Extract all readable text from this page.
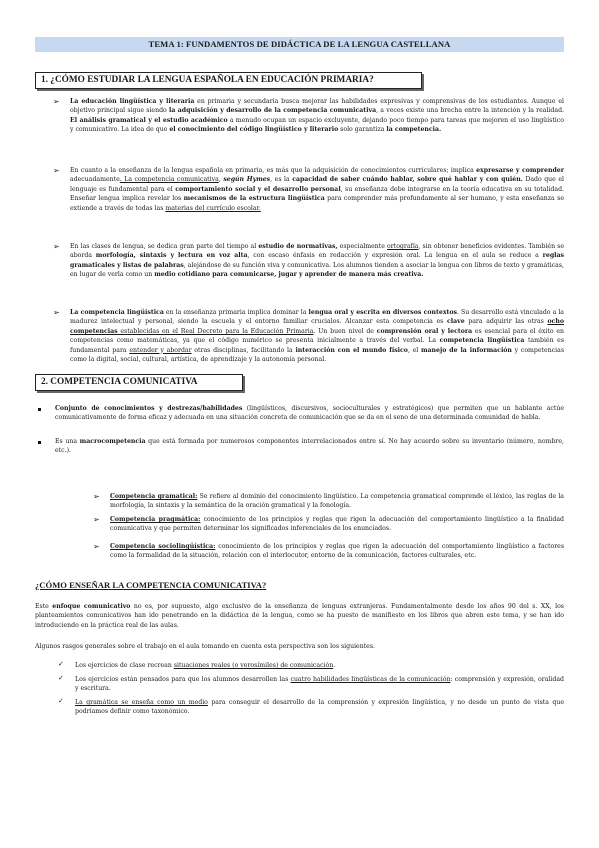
TEMA 1: FUNDAMENTOS DE DIDÁCTICA DE LA LENGUA CASTELLANA
1. ¿CÓMO ESTUDIAR LA LENGUA ESPAÑOLA EN EDUCACIÓN PRIMARIA?
➢ La educación lingüística y literaria en primaria y secundaria busca mejorar las habilidades expresivas y comprensivas de los estudiantes. Aunque el objetivo principal sigue siendo la adquisición y desarrollo de la competencia comunicativa, a veces existe una brecha entre la intención y la realidad. El análisis gramatical y el estudio académico a menudo ocupan un espacio excluyente, dejando poco tiempo para tareas que mejoren el uso lingüístico y comunicativo. La idea de que el conocimiento del código lingüístico y literario solo garantiza la competencia.

➢ En cuanto a la enseñanza de la lengua española en primaria, es más que la adquisición de conocimientos curriculares; implica expresarse y comprender adecuadamente. La competencia comunicativa, según Hymes, es la capacidad de saber cuándo hablar, sobre qué hablar y con quién. Dado que el lenguaje es fundamental para el comportamiento social y el desarrollo personal, su enseñanza debe integrarse en la teoría educativa en su totalidad. Enseñar lengua implica revelar los mecanismos de la estructura lingüística para comprender más profundamente al ser humano, y esta enseñanza se extiende a través de todas las materias del currículo escolar.

➢ En las clases de lengua, se dedica gran parte del tiempo al estudio de normativas, especialmente ortografía, sin obtener beneficios evidentes. También se aborda morfología, sintaxis y lectura en voz alta, con escaso énfasis en redacción y expresión oral. La lengua en el aula se reduce a reglas gramaticales y listas de palabras, alejándose de su función viva y comunicativa. Los alumnos tienden a asociar la lengua con libros de texto y gramáticas, en lugar de verla como un medio cotidiano para comunicarse, jugar y aprender de manera más creativa.

➢ La competencia lingüística en la enseñanza primaria implica dominar la lengua oral y escrita en diversos contextos. Su desarrollo está vinculado a la madurez intelectual y personal, siendo la escuela y el entorno familiar cruciales. Alcanzar esta competencia es clave para adquirir las otras ocho competencias establecidas en el Real Decreto para la Educación Primaria. Un buen nivel de comprensión oral y lectora es esencial para el éxito en competencias como matemáticas, ya que el código numérico se presenta inicialmente a través del verbal. La competencia lingüística también es fundamental para entender y abordar otras disciplinas, facilitando la interacción con el mundo físico, el manejo de la información y competencias como la digital, social, cultural, artística, de aprendizaje y la autonomía personal.

2. COMPETENCIA COMUNICATIVA

Conjunto de conocimientos y destrezas/habilidades (lingüísticos, discursivos, socioculturales y estratégicos) que permiten que un hablante actúe comunicativamente de forma eficaz y adecuada en una situación concreta de comunicación que se da en el seno de una determinada comunidad de habla.

Es una macrocompetencia que está formada por numerosos componentes interrelacionados entre sí. No hay acuerdo sobre su inventario (número, nombre, etc.).

➢ Competencia gramatical: Se refiere al dominio del conocimiento lingüístico. La competencia gramatical comprende el léxico, las reglas de la morfología, la sintaxis y la semántica de la oración gramatical y la fonología.

➢ Competencia pragmática: conocimiento de los principios y reglas que rigen la adecuación del comportamiento lingüístico a la finalidad comunicativa y que permiten determinar los significados inferenciales de los enunciados.

➢ Competencia sociolingüística: conocimiento de los principios y reglas que rigen la adecuación del comportamiento lingüístico a factores como la formalidad de la situación, relación con el interlocutor, entorno de la comunicación, factores culturales, etc.

¿CÓMO ENSEÑAR LA COMPETENCIA COMUNICATIVA?

Este enfoque comunicativo no es, por supuesto, algo exclusivo de la enseñanza de lenguas extranjeras. Fundamentalmente desde los años 90 del s. XX, los planteamientos comunicativos han ido penetrando en la didáctica de la lengua, como se ha puesto de manifiesto en los libros que abren este tema, y se han ido introduciendo en la práctica real de las aulas.

Algunos rasgos generales sobre el trabajo en el aula tomando en cuenta esta perspectiva son los siguientes.

✓ Los ejercicios de clase recrean situaciones reales (o verosímiles) de comunicación.

✓ Los ejercicios están pensados para que los alumnos desarrollen las cuatro habilidades lingüísticas de la comunicación: comprensión y expresión, oralidad y escritura.

✓ La gramática se enseña como un medio para conseguir el desarrollo de la comprensión y expresión lingüística, y no desde un punto de vista que podríamos definir como taxonómico.
